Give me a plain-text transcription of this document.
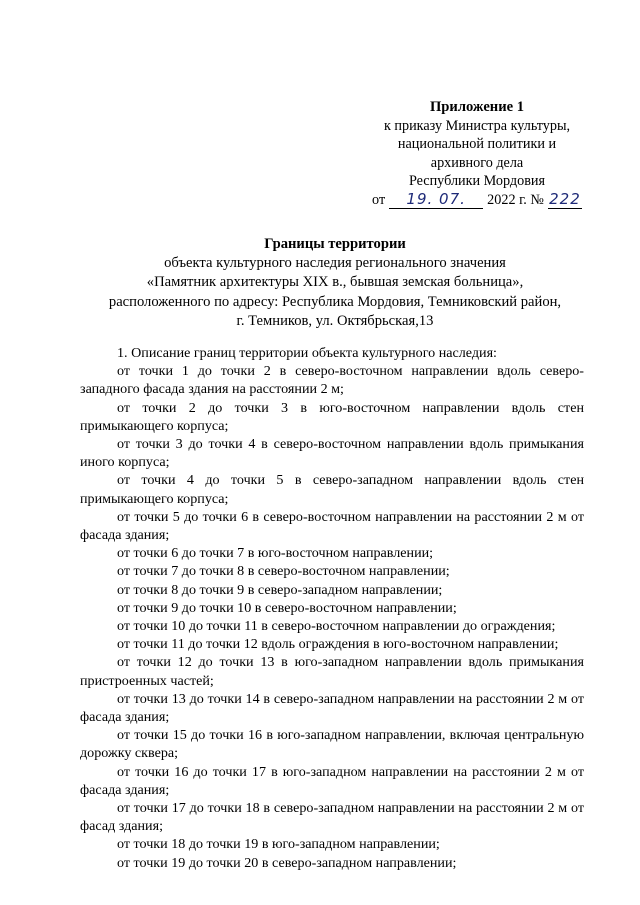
Приложение 1
к приказу Министра культуры,
национальной политики и
архивного дела
Республики Мордовия
от	19. 07.	2022 г. № 222
Границы территории
объекта культурного наследия регионального значения
«Памятник архитектуры XIX в., бывшая земская больница»,
расположенного по адресу: Республика Мордовия, Темниковский район,
г. Темников, ул. Октябрьская,13

1. Описание границ территории объекта культурного наследия:

от точки 1 до точки 2 в северо-восточном направлении вдоль северо-западного фасада здания на расстоянии 2 м;

от точки 2 до точки 3 в юго-восточном направлении вдоль стен примыкающего корпуса;

от точки 3 до точки 4 в северо-восточном направлении вдоль примыкания иного корпуса;

от точки 4 до точки 5 в северо-западном направлении вдоль стен примыкающего корпуса;

от точки 5 до точки 6 в северо-восточном направлении на расстоянии 2 м от фасада здания;

от точки 6 до точки 7 в юго-восточном направлении;

от точки 7 до точки 8 в северо-восточном направлении;

от точки 8 до точки 9 в северо-западном направлении;

от точки 9 до точки 10 в северо-восточном направлении;

от точки 10 до точки 11 в северо-восточном направлении до ограждения;

от точки 11 до точки 12 вдоль ограждения в юго-восточном направлении;

от точки 12 до точки 13 в юго-западном направлении вдоль примыкания пристроенных частей;

от точки 13 до точки 14 в северо-западном направлении на расстоянии 2 м от фасада здания;

от точки 15 до точки 16 в юго-западном направлении, включая центральную дорожку сквера;

от точки 16 до точки 17 в юго-западном направлении на расстоянии 2 м от фасада здания;

от точки 17 до точки 18 в северо-западном направлении на расстоянии 2 м от фасад здания;

от точки 18 до точки 19 в юго-западном направлении;

от точки 19 до точки 20 в северо-западном направлении;
